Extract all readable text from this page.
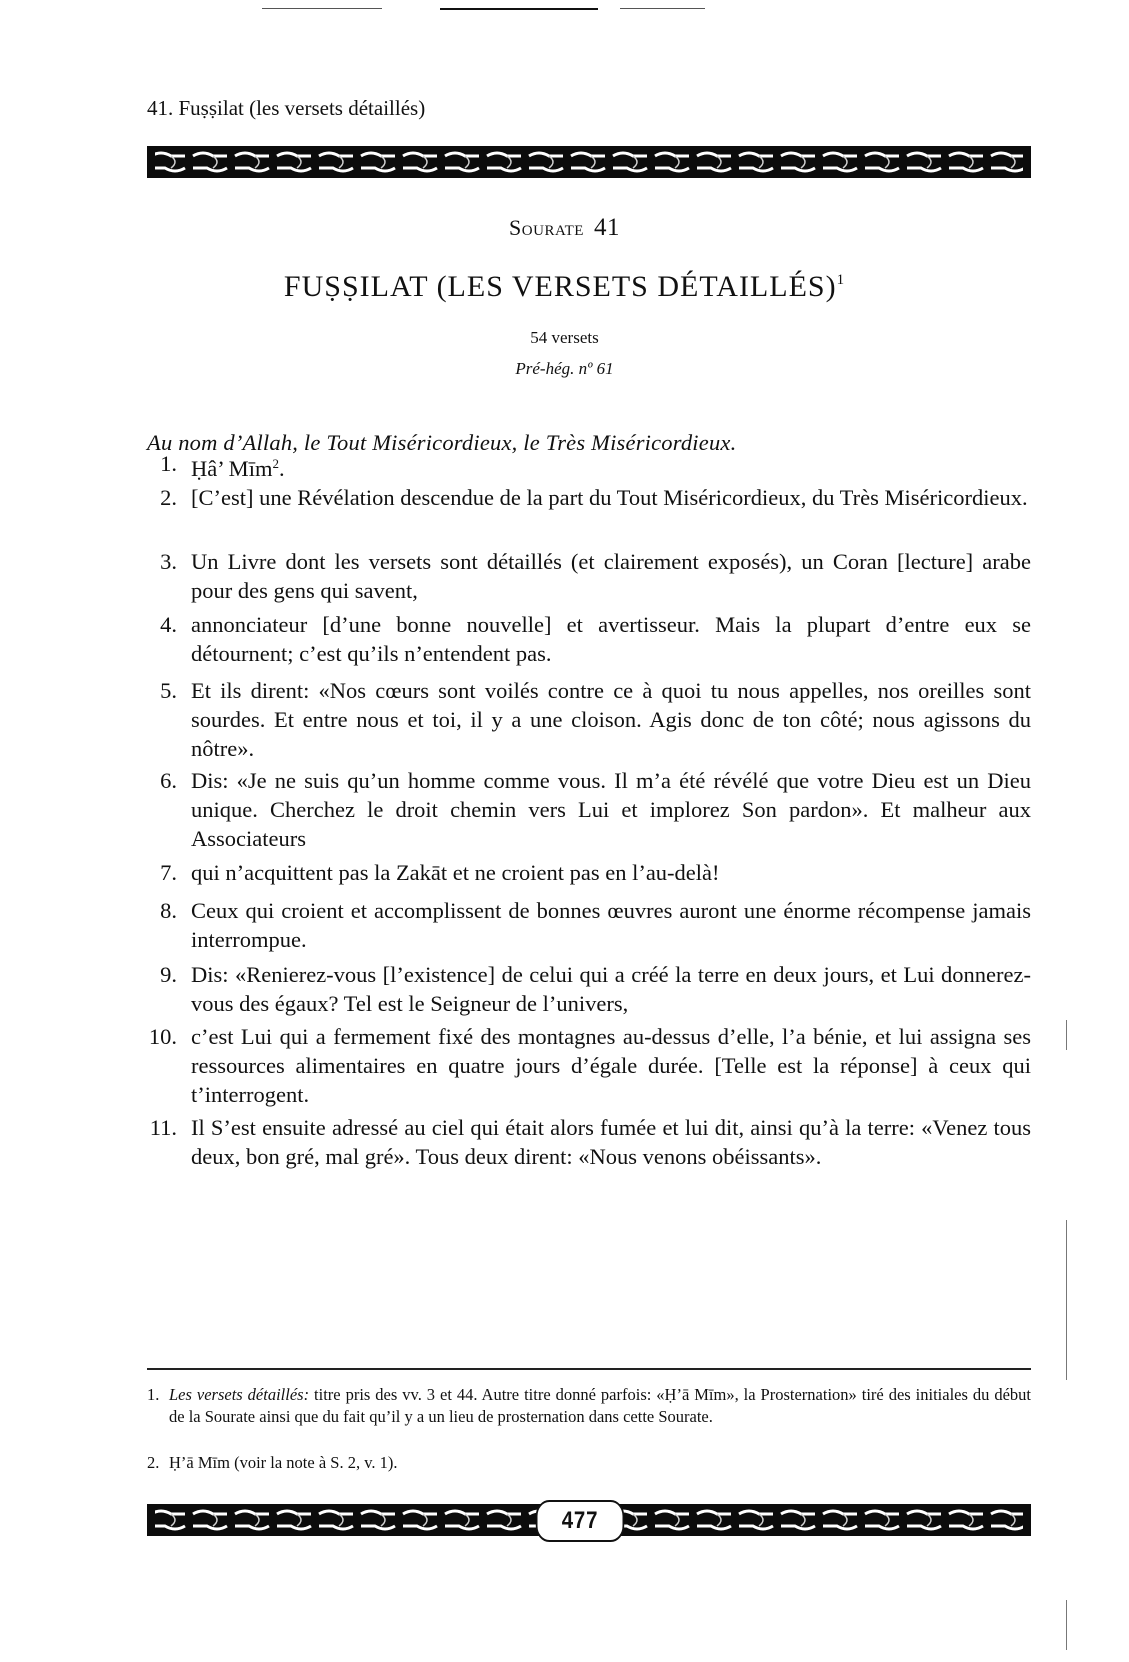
41. Fuṣṣilat (les versets détaillés)
Sourate 41
FUṢṢILAT (LES VERSETS DÉTAILLÉS)$^1$
54 versets
Pré-hég. nº 61
Au nom d’Allah, le Tout Miséricordieux, le Très Miséricordieux.
1. Ḥâ’ Mīm$^2$.
2. [C’est] une Révélation descendue de la part du Tout Miséricordieux, du Très Miséricordieux.
3. Un Livre dont les versets sont détaillés (et clairement exposés), un Coran [lecture] arabe pour des gens qui savent,
4. annonciateur [d’une bonne nouvelle] et avertisseur. Mais la plupart d’entre eux se détournent; c’est qu’ils n’entendent pas.
5. Et ils dirent: «Nos cœurs sont voilés contre ce à quoi tu nous appelles, nos oreilles sont sourdes. Et entre nous et toi, il y a une cloison. Agis donc de ton côté; nous agissons du nôtre».
6. Dis: «Je ne suis qu’un homme comme vous. Il m’a été révélé que votre Dieu est un Dieu unique. Cherchez le droit chemin vers Lui et implorez Son pardon». Et malheur aux Associateurs
7. qui n’acquittent pas la Zakāt et ne croient pas en l’au-delà!
8. Ceux qui croient et accomplissent de bonnes œuvres auront une énorme récompense jamais interrompue.
9. Dis: «Renierez-vous [l’existence] de celui qui a créé la terre en deux jours, et Lui donnerez-vous des égaux? Tel est le Seigneur de l’univers,
10. c’est Lui qui a fermement fixé des montagnes au-dessus d’elle, l’a bénie, et lui assigna ses ressources alimentaires en quatre jours d’égale durée. [Telle est la réponse] à ceux qui t’interrogent.
11. Il S’est ensuite adressé au ciel qui était alors fumée et lui dit, ainsi qu’à la terre: «Venez tous deux, bon gré, mal gré». Tous deux dirent: «Nous venons obéissants».
1. Les versets détaillés: titre pris des vv. 3 et 44. Autre titre donné parfois: «Ḥ’ā Mīm», la Prosternation» tiré des initiales du début de la Sourate ainsi que du fait qu’il y a un lieu de prosternation dans cette Sourate.
2. Ḥ’ā Mīm (voir la note à S. 2, v. 1).
477
